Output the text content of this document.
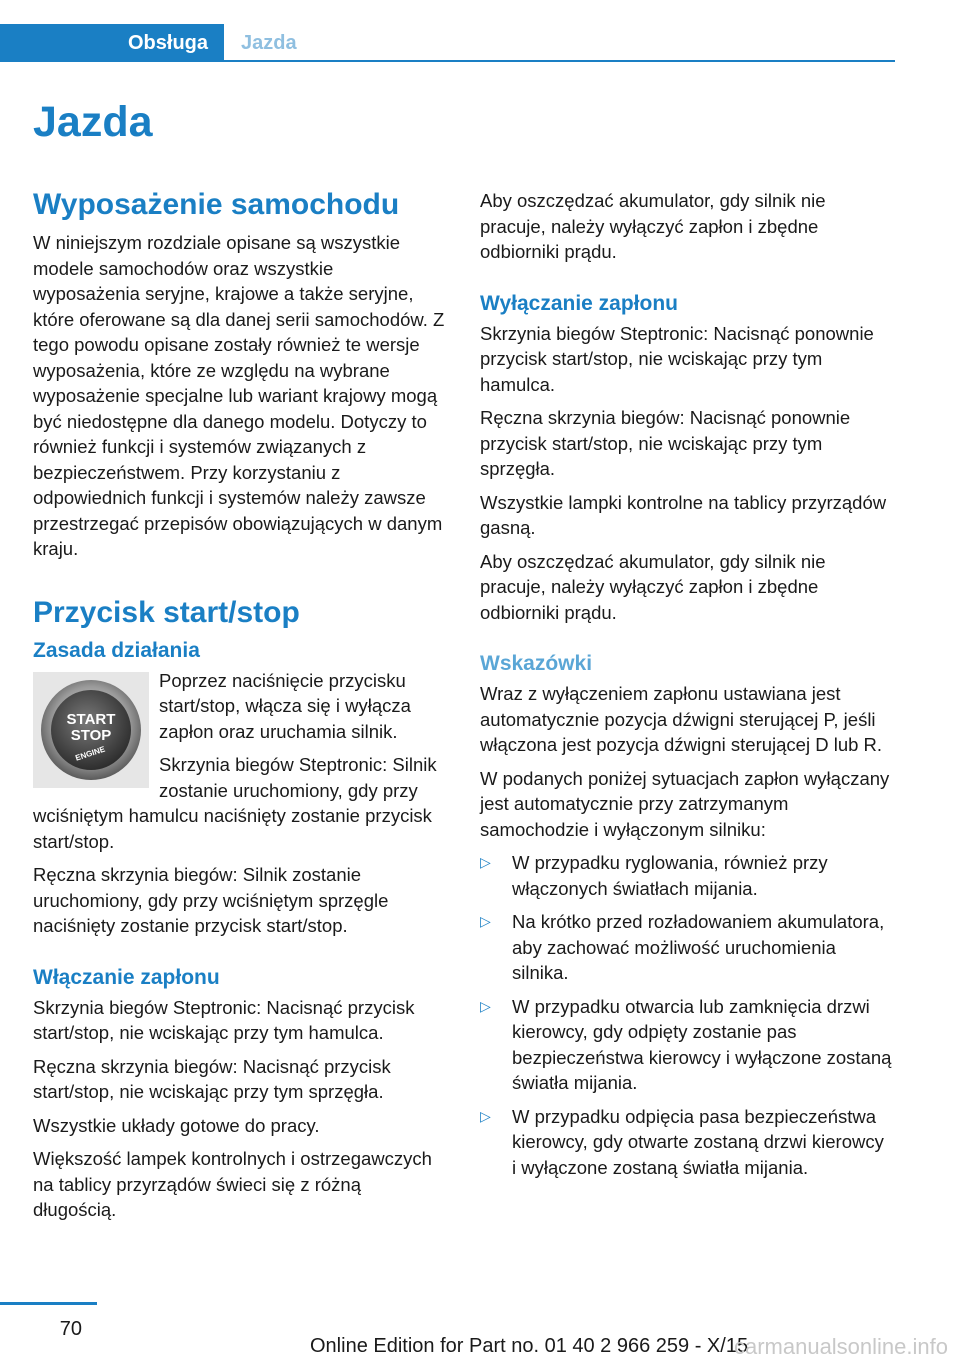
Obsługa	Jazda
Jazda
Wyposażenie samochodu

W niniejszym rozdziale opisane są wszystkie modele samochodów oraz wszystkie wyposażenia seryjne, krajowe a także seryjne, które oferowane są dla danej serii samochodów. Z tego powodu opisane zostały również te wersje wyposażenia, które ze względu na wybrane wyposażenie specjalne lub wariant krajowy mogą być niedostępne dla danego modelu. Dotyczy to również funkcji i systemów związanych z bezpieczeństwem. Przy korzystaniu z odpowiednich funkcji i systemów należy zawsze przestrzegać przepisów obowiązujących w danym kraju.

Przycisk start/stop
Zasada działania
START
STOP
ENGINE

Poprzez naciśnięcie przycisku start/stop, włącza się i wyłącza zapłon oraz uruchamia silnik.

Skrzynia biegów Steptronic: Silnik zostanie uruchomiony, gdy przy wciśniętym hamulcu naciśnięty zostanie przycisk start/stop.

Ręczna skrzynia biegów: Silnik zostanie uruchomiony, gdy przy wciśniętym sprzęgle naciśnięty zostanie przycisk start/stop.

Włączanie zapłonu

Skrzynia biegów Steptronic: Nacisnąć przycisk start/stop, nie wciskając przy tym hamulca.

Ręczna skrzynia biegów: Nacisnąć przycisk start/stop, nie wciskając przy tym sprzęgła.

Wszystkie układy gotowe do pracy.

Większość lampek kontrolnych i ostrzegawczych na tablicy przyrządów świeci się z różną długością.

Aby oszczędzać akumulator, gdy silnik nie pracuje, należy wyłączyć zapłon i zbędne odbiorniki prądu.

Wyłączanie zapłonu

Skrzynia biegów Steptronic: Nacisnąć ponownie przycisk start/stop, nie wciskając przy tym hamulca.

Ręczna skrzynia biegów: Nacisnąć ponownie przycisk start/stop, nie wciskając przy tym sprzęgła.

Wszystkie lampki kontrolne na tablicy przyrządów gasną.

Aby oszczędzać akumulator, gdy silnik nie pracuje, należy wyłączyć zapłon i zbędne odbiorniki prądu.

Wskazówki

Wraz z wyłączeniem zapłonu ustawiana jest automatycznie pozycja dźwigni sterującej P, jeśli włączona jest pozycja dźwigni sterującej D lub R.

W podanych poniżej sytuacjach zapłon wyłączany jest automatycznie przy zatrzymanym samochodzie i wyłączonym silniku:

▷ W przypadku ryglowania, również przy włączonych światłach mijania.
▷ Na krótko przed rozładowaniem akumulatora, aby zachować możliwość uruchomienia silnika.
▷ W przypadku otwarcia lub zamknięcia drzwi kierowcy, gdy odpięty zostanie pas bezpieczeństwa kierowcy i wyłączone zostaną światła mijania.
▷ W przypadku odpięcia pasa bezpieczeństwa kierowcy, gdy otwarte zostaną drzwi kierowcy i wyłączone zostaną światła mijania.
70
Online Edition for Part no. 01 40 2 966 259 - X/15
carmanualsonline.info
